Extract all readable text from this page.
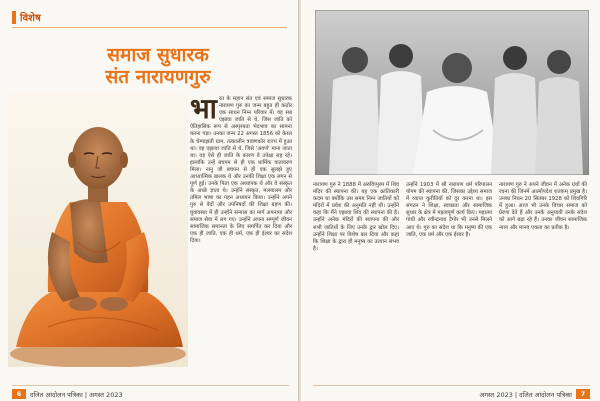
विशेष
समाज सुधारक
संत नारायणगुरु
भारत के महान संत एवं समाज सुधारक नारायण गुरु का जन्म बहुत ही कठोर एक साधन निम्न परिवार में। वह सब एझावा जाति से थे, जिस जाति को ऐतिहासिक रूप से अस्पृश्यता भेदभाव का सामना करना पड़ा। उनका जन्म 22 अगस्त 1856 को केरल के चेम्पाझंती ग्राम, तत्कालीन त्रावणकोर राज्य में हुआ था। वह एझावा जाति से थे, जिसे 'अवर्ण' माना जाता था। वह ऐसे ही जाति के कारण वे उपेक्षा सह रहे। हालांकि उन्हें बचपन से ही एक धार्मिक वातावरण मिला। नानु जी बचपन से ही एक सुलझे हुए आध्यात्मिक बालक थे और उनकी शिक्षा एक लगन से पूर्ण हुई। उनके पिता एक अध्यापक थे और वे संस्कृत के अच्छे ज्ञाता थे। उन्होंने संस्कृत, मलयालम और तमिल भाषा का गहन अध्ययन किया। उन्होंने अपने गुरु से वेदों और उपनिषदों की शिक्षा ग्रहण की। युवावस्था में ही उन्होंने संन्यास का मार्ग अपनाया और समाज सेवा में लग गए। उन्होंने अपना सम्पूर्ण जीवन सामाजिक समानता के लिए समर्पित कर दिया और एक ही जाति, एक ही धर्म, एक ही ईश्वर का संदेश दिया।
6	दलित आंदोलन पत्रिका | अगस्त 2023
नारायण गुरु ने 1888 में अरुविप्पुरम में शिव मंदिर की स्थापना की। यह एक क्रांतिकारी कदम था क्योंकि उस समय निम्न जातियों को मंदिरों में प्रवेश की अनुमति नहीं थी। उन्होंने कहा कि मैंने एझावा शिव की स्थापना की है। उन्होंने अनेक मंदिरों की स्थापना की और सभी जातियों के लिए उनके द्वार खोल दिए। उन्होंने शिक्षा पर विशेष बल दिया और कहा कि शिक्षा के द्वारा ही मनुष्य का उत्थान संभव है।
उन्होंने 1903 में श्री नारायण धर्म परिपालन योगम की स्थापना की, जिसका उद्देश्य समाज में व्याप्त कुरीतियों को दूर करना था। इस संगठन ने शिक्षा, स्वच्छता और सामाजिक सुधार के क्षेत्र में महत्वपूर्ण कार्य किए। महात्मा गांधी और रवीन्द्रनाथ टैगोर भी उनसे मिलने आए थे। गुरु का संदेश था कि मनुष्य की एक जाति, एक धर्म और एक ईश्वर है।
नारायण गुरु ने अपने जीवन में अनेक ग्रंथों की रचना की जिनमें आत्मोपदेश शतकम् प्रमुख है। उनका निधन 20 सितंबर 1928 को शिवगिरि में हुआ। आज भी उनके विचार समाज को प्रेरणा देते हैं और उनके अनुयायी उनके संदेश को आगे बढ़ा रहे हैं। उनका जीवन सामाजिक न्याय और मानव एकता का प्रतीक है।
अगस्त 2023 | दलित आंदोलन पत्रिका	7
